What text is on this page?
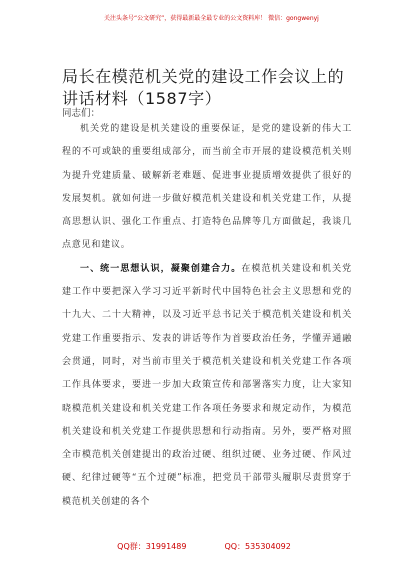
关注头条号“公文研究”，获得最新最全最专业的公文资料库！ 微信：gongwenyj
局长在模范机关党的建设工作会议上的讲话材料（1587字）

同志们：

机关党的建设是机关建设的重要保证，是党的建设新的伟大工程的不可或缺的重要组成部分，而当前全市开展的建设模范机关则为提升党建质量、破解新老难题、促进事业提质增效提供了很好的发展契机。就如何进一步做好模范机关建设和机关党建工作，从提高思想认识、强化工作重点、打造特色品牌等几方面做起，我谈几点意见和建议。

一、统一思想认识，凝聚创建合力。在模范机关建设和机关党建工作中要把深入学习习近平新时代中国特色社会主义思想和党的十九大、二十大精神，以及习近平总书记关于模范机关建设和机关党建工作重要指示、发表的讲话等作为首要政治任务，学懂弄通融会贯通，同时，对当前市里关于模范机关建设和机关党建工作各项工作具体要求，要进一步加大政策宣传和部署落实力度，让大家知晓模范机关建设和机关党建工作各项任务要求和规定动作，为模范机关建设和机关党建工作提供思想和行动指南。另外，要严格对照全市模范机关创建提出的政治过硬、组织过硬、业务过硬、作风过硬、纪律过硬等“五个过硬”标准，把党员干部带头履职尽责贯穿于模范机关创建的各个

QQ群：31991489	QQ：535304092
